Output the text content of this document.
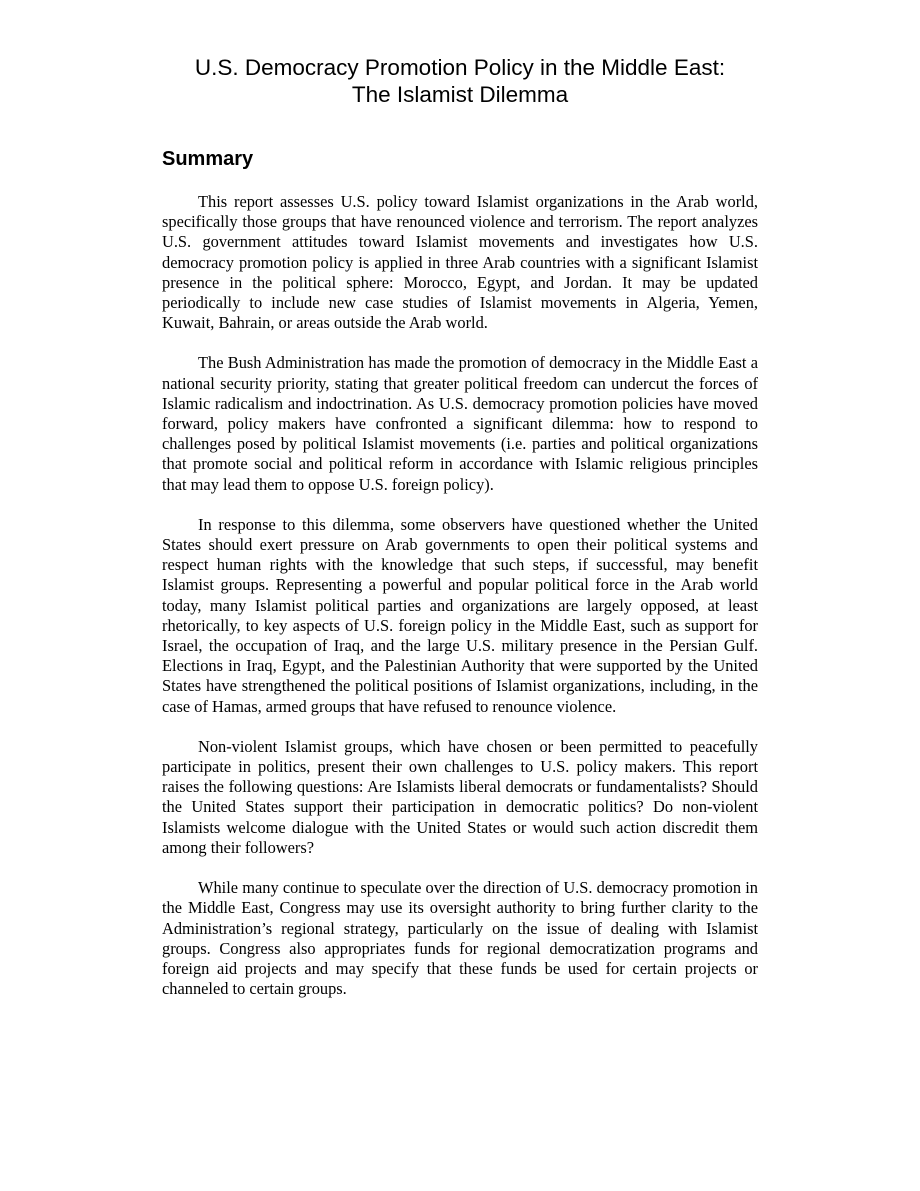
U.S. Democracy Promotion Policy in the Middle East:
The Islamist Dilemma
Summary

This report assesses U.S. policy toward Islamist organizations in the Arab world, specifically those groups that have renounced violence and terrorism. The report analyzes U.S. government attitudes toward Islamist movements and investigates how U.S. democracy promotion policy is applied in three Arab countries with a significant Islamist presence in the political sphere: Morocco, Egypt, and Jordan. It may be updated periodically to include new case studies of Islamist movements in Algeria, Yemen, Kuwait, Bahrain, or areas outside the Arab world.

The Bush Administration has made the promotion of democracy in the Middle East a national security priority, stating that greater political freedom can undercut the forces of Islamic radicalism and indoctrination. As U.S. democracy promotion policies have moved forward, policy makers have confronted a significant dilemma: how to respond to challenges posed by political Islamist movements (i.e. parties and political organizations that promote social and political reform in accordance with Islamic religious principles that may lead them to oppose U.S. foreign policy).

In response to this dilemma, some observers have questioned whether the United States should exert pressure on Arab governments to open their political systems and respect human rights with the knowledge that such steps, if successful, may benefit Islamist groups. Representing a powerful and popular political force in the Arab world today, many Islamist political parties and organizations are largely opposed, at least rhetorically, to key aspects of U.S. foreign policy in the Middle East, such as support for Israel, the occupation of Iraq, and the large U.S. military presence in the Persian Gulf. Elections in Iraq, Egypt, and the Palestinian Authority that were supported by the United States have strengthened the political positions of Islamist organizations, including, in the case of Hamas, armed groups that have refused to renounce violence.

Non-violent Islamist groups, which have chosen or been permitted to peacefully participate in politics, present their own challenges to U.S. policy makers. This report raises the following questions: Are Islamists liberal democrats or fundamentalists? Should the United States support their participation in democratic politics? Do non-violent Islamists welcome dialogue with the United States or would such action discredit them among their followers?

While many continue to speculate over the direction of U.S. democracy promotion in the Middle East, Congress may use its oversight authority to bring further clarity to the Administration’s regional strategy, particularly on the issue of dealing with Islamist groups. Congress also appropriates funds for regional democratization programs and foreign aid projects and may specify that these funds be used for certain projects or channeled to certain groups.
